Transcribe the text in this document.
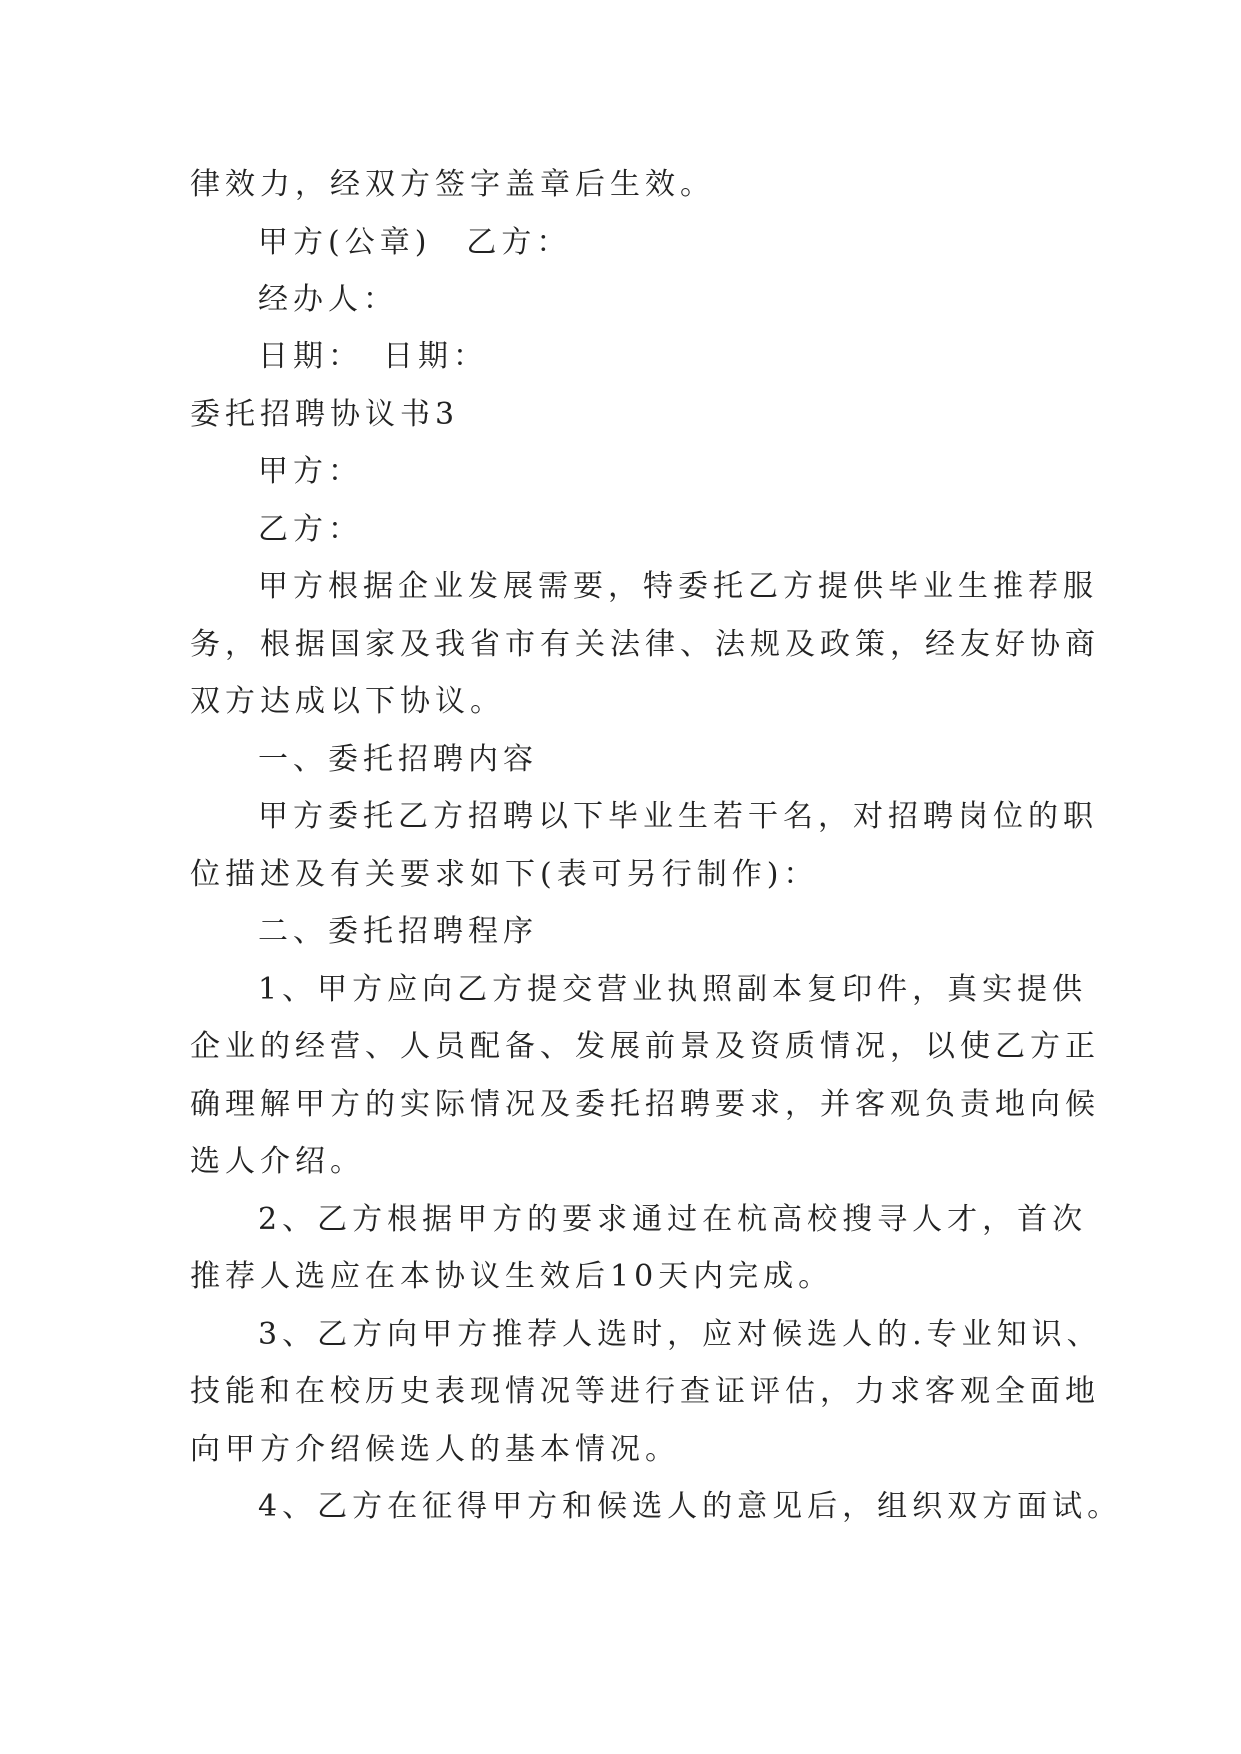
律效力，经双方签字盖章后生效。
甲方(公章)　乙方：
经办人：
日期：　日期：
委托招聘协议书3
甲方：
乙方：
甲方根据企业发展需要，特委托乙方提供毕业生推荐服
务，根据国家及我省市有关法律、法规及政策，经友好协商
双方达成以下协议。
一、委托招聘内容
甲方委托乙方招聘以下毕业生若干名，对招聘岗位的职
位描述及有关要求如下(表可另行制作)：
二、委托招聘程序
1、甲方应向乙方提交营业执照副本复印件，真实提供
企业的经营、人员配备、发展前景及资质情况，以使乙方正
确理解甲方的实际情况及委托招聘要求，并客观负责地向候
选人介绍。
2、乙方根据甲方的要求通过在杭高校搜寻人才，首次
推荐人选应在本协议生效后10天内完成。
3、乙方向甲方推荐人选时，应对候选人的.专业知识、
技能和在校历史表现情况等进行查证评估，力求客观全面地
向甲方介绍候选人的基本情况。
4、乙方在征得甲方和候选人的意见后，组织双方面试。
